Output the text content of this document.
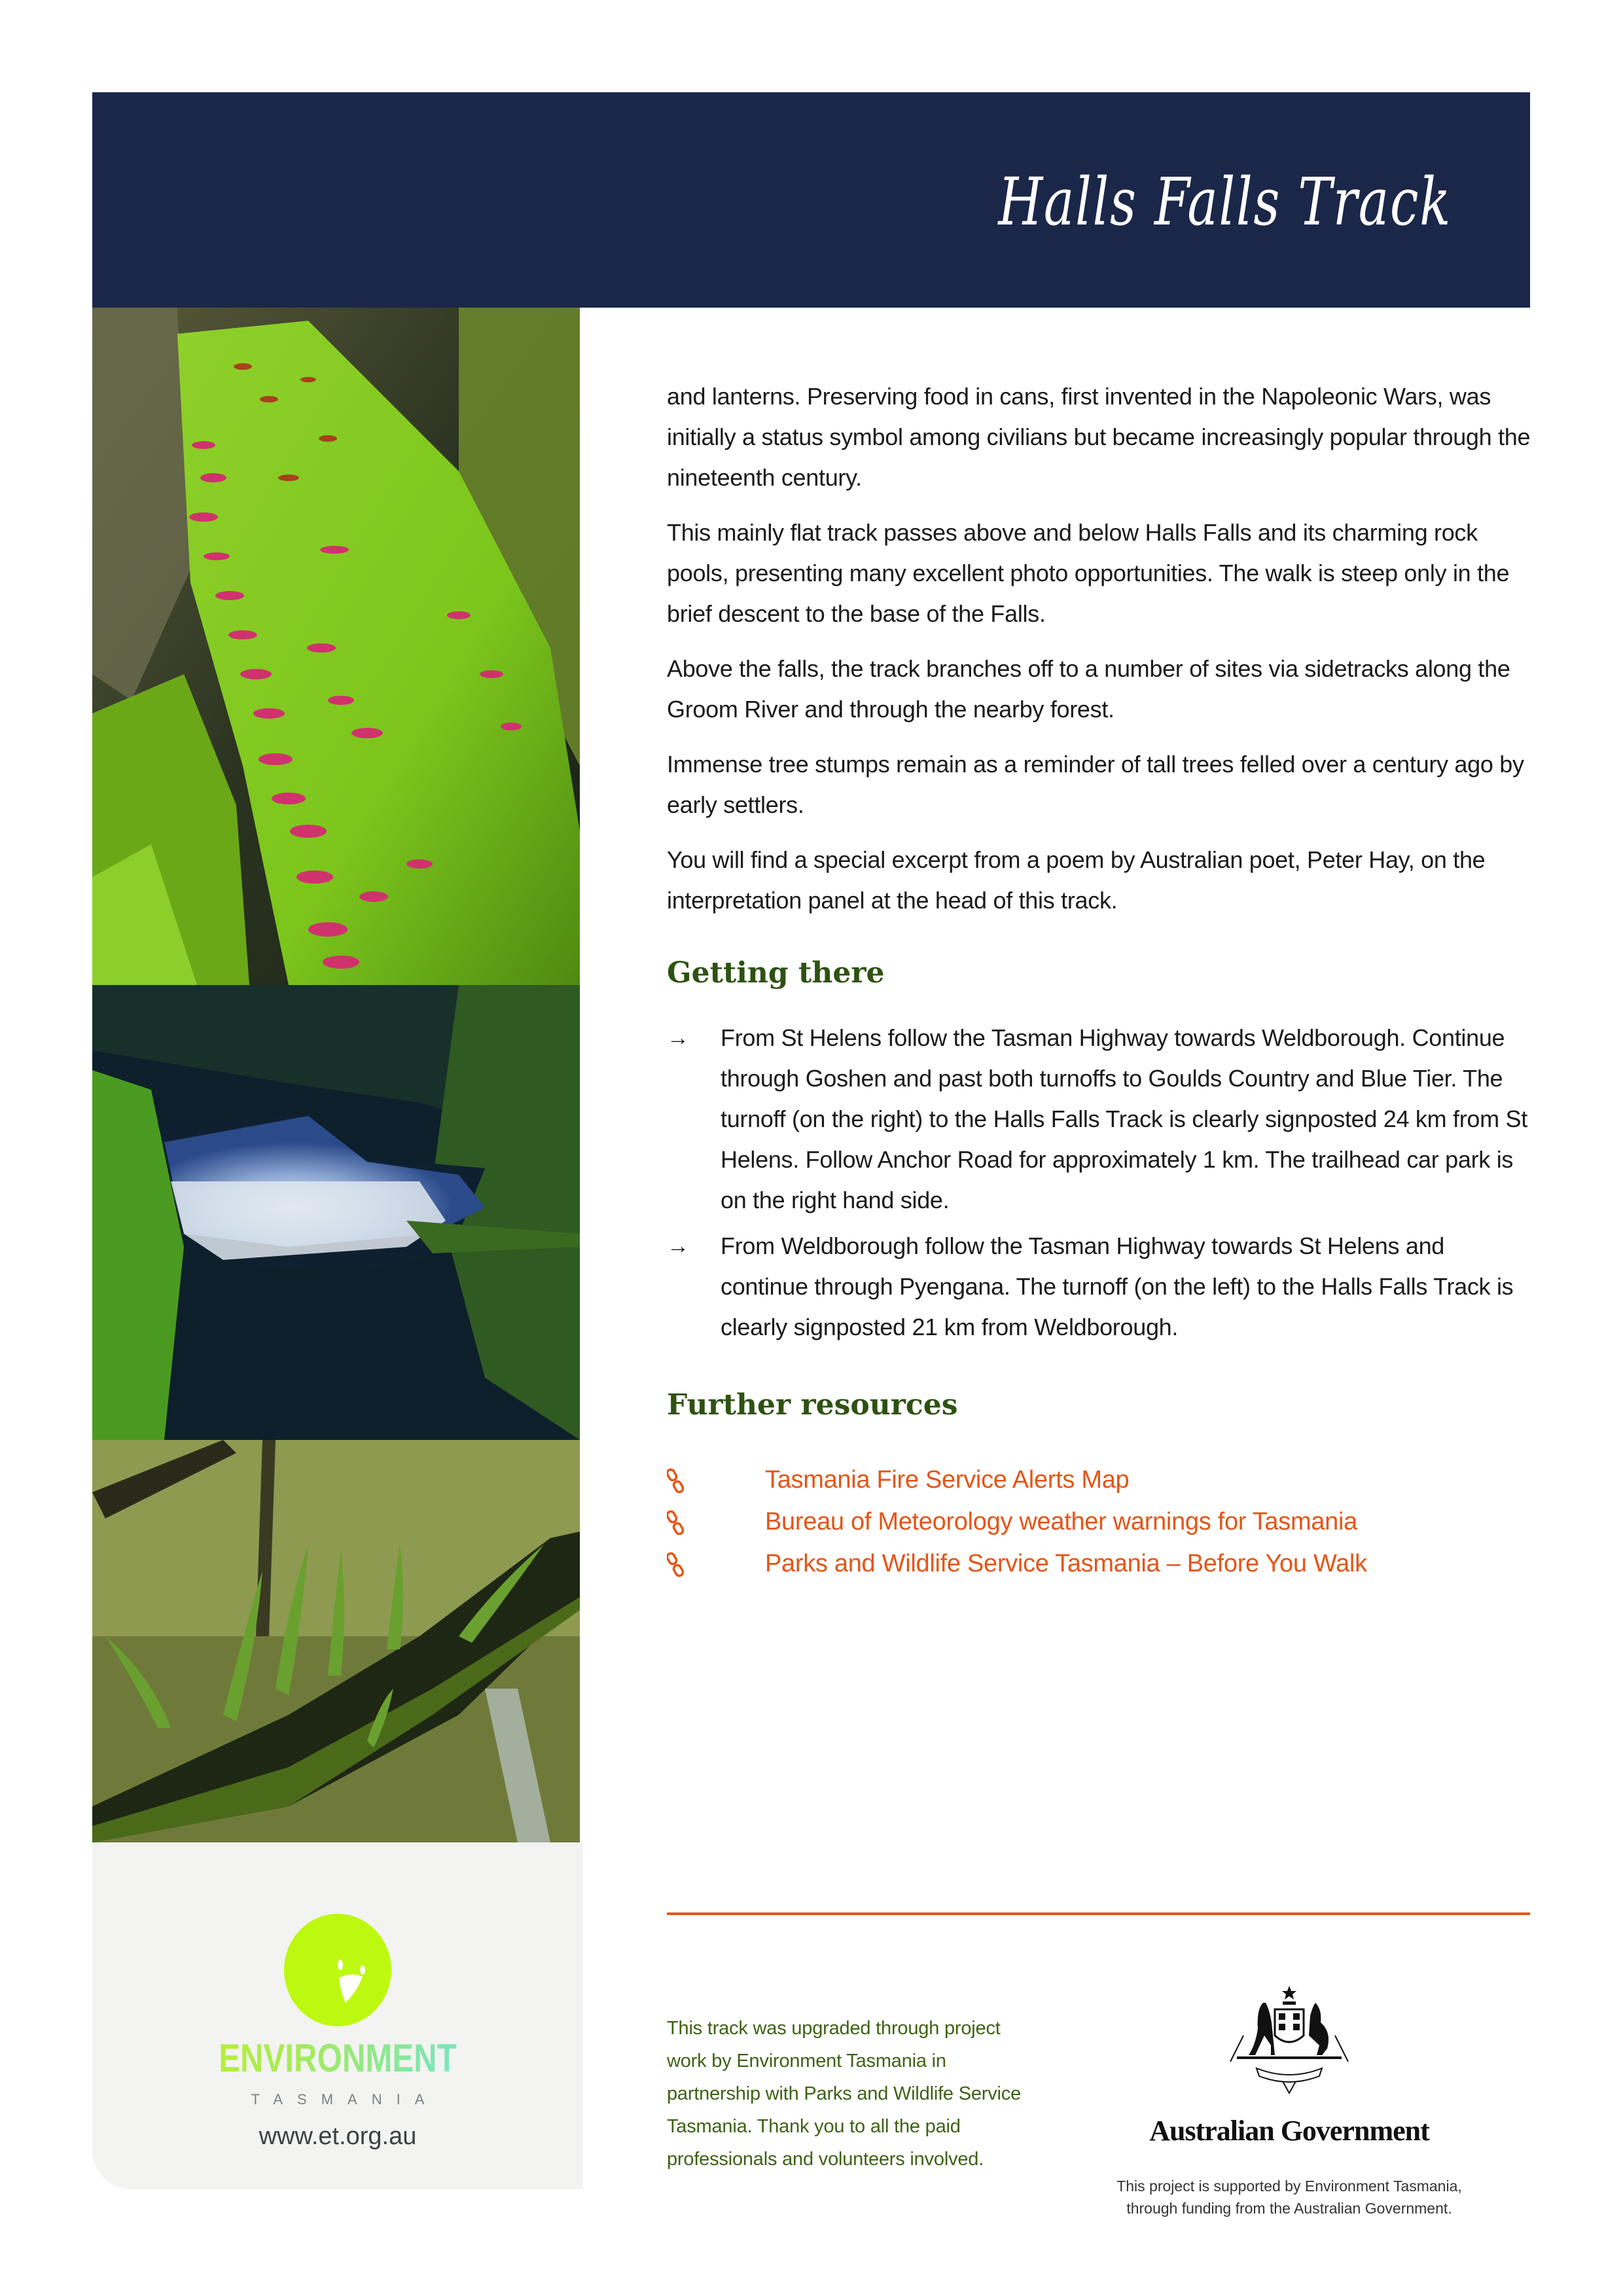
Halls Falls Track
ENVIRONMENT
TASMANIA
www.et.org.au

and lanterns. Preserving food in cans, first invented in the Napoleonic Wars, was initially a status symbol among civilians but became increasingly popular through the nineteenth century.

This mainly flat track passes above and below Halls Falls and its charming rock pools, presenting many excellent photo opportunities. The walk is steep only in the brief descent to the base of the Falls.

Above the falls, the track branches off to a number of sites via sidetracks along the Groom River and through the nearby forest.

Immense tree stumps remain as a reminder of tall trees felled over a century ago by early settlers.

You will find a special excerpt from a poem by Australian poet, Peter Hay, on the interpretation panel at the head of this track.

Getting there
→ From St Helens follow the Tasman Highway towards Weldborough. Continue through Goshen and past both turnoffs to Goulds Country and Blue Tier. The turnoff (on the right) to the Halls Falls Track is clearly signposted 24 km from St Helens. Follow Anchor Road for approximately 1 km. The trailhead car park is on the right hand side.
→ From Weldborough follow the Tasman Highway towards St Helens and continue through Pyengana. The turnoff (on the left) to the Halls Falls Track is clearly signposted 21 km from Weldborough.
Further resources
Tasmania Fire Service Alerts Map
Bureau of Meteorology weather warnings for Tasmania
Parks and Wildlife Service Tasmania – Before You Walk
This track was upgraded through project work by Environment Tasmania in partnership with Parks and Wildlife Service Tasmania. Thank you to all the paid professionals and volunteers involved.
Australian Government
This project is supported by Environment Tasmania,
through funding from the Australian Government.
